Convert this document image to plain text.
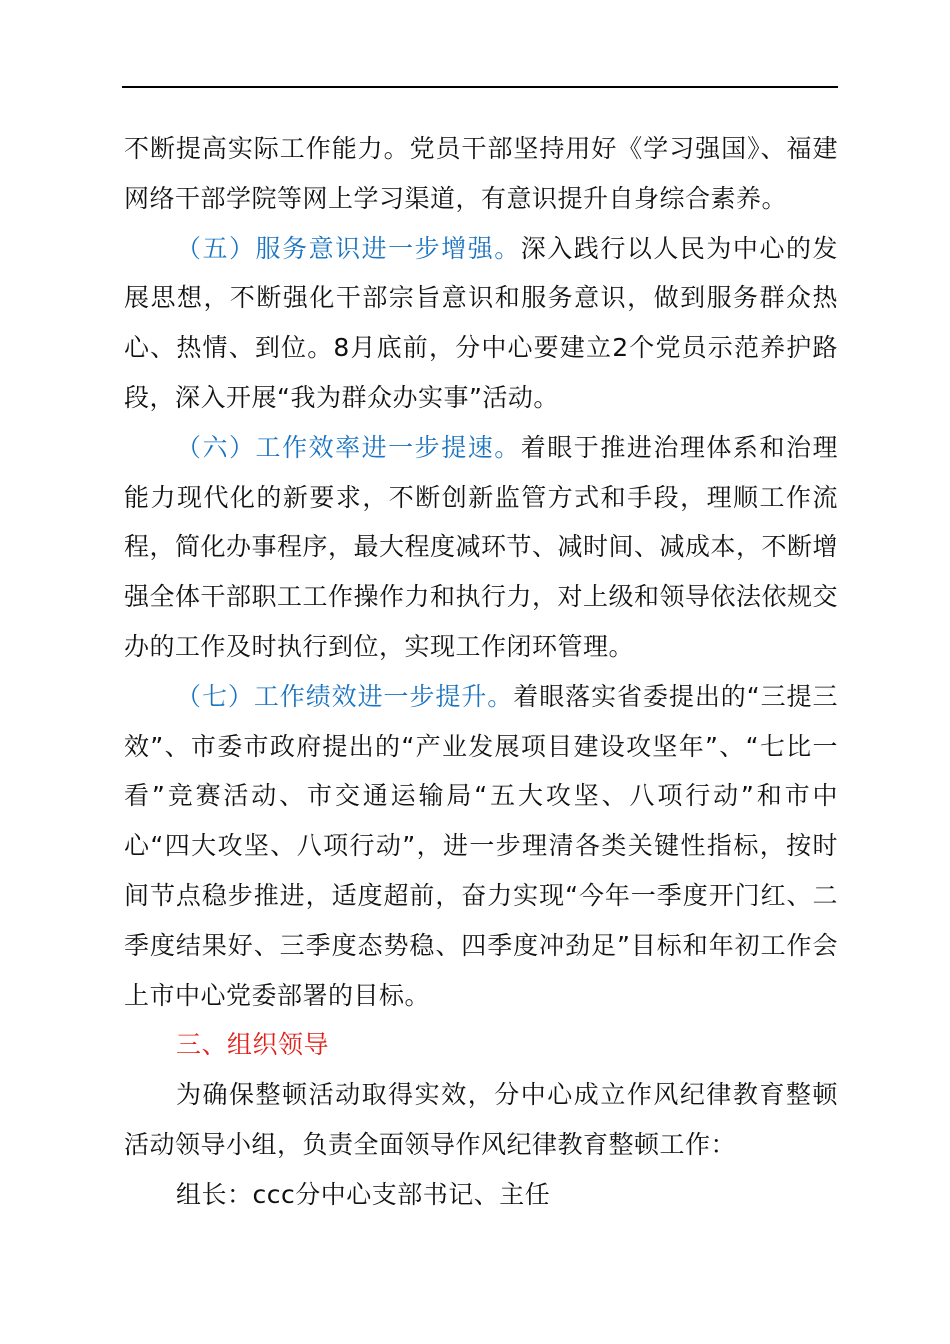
不断提高实际工作能力。党员干部坚持用好《学习强国》、福建网络干部学院等网上学习渠道，有意识提升自身综合素养。

（五）服务意识进一步增强。深入践行以人民为中心的发展思想，不断强化干部宗旨意识和服务意识，做到服务群众热心、热情、到位。8月底前，分中心要建立2个党员示范养护路段，深入开展“我为群众办实事”活动。

（六）工作效率进一步提速。着眼于推进治理体系和治理能力现代化的新要求，不断创新监管方式和手段，理顺工作流程，简化办事程序，最大程度减环节、减时间、减成本，不断增强全体干部职工工作操作力和执行力，对上级和领导依法依规交办的工作及时执行到位，实现工作闭环管理。

（七）工作绩效进一步提升。着眼落实省委提出的“三提三效”、市委市政府提出的“产业发展项目建设攻坚年”、“七比一看”竞赛活动、市交通运输局“五大攻坚、八项行动”和市中心“四大攻坚、八项行动”，进一步理清各类关键性指标，按时间节点稳步推进，适度超前，奋力实现“今年一季度开门红、二季度结果好、三季度态势稳、四季度冲劲足”目标和年初工作会上市中心党委部署的目标。

三、组织领导

为确保整顿活动取得实效，分中心成立作风纪律教育整顿活动领导小组，负责全面领导作风纪律教育整顿工作：

组长：ccc分中心支部书记、主任
